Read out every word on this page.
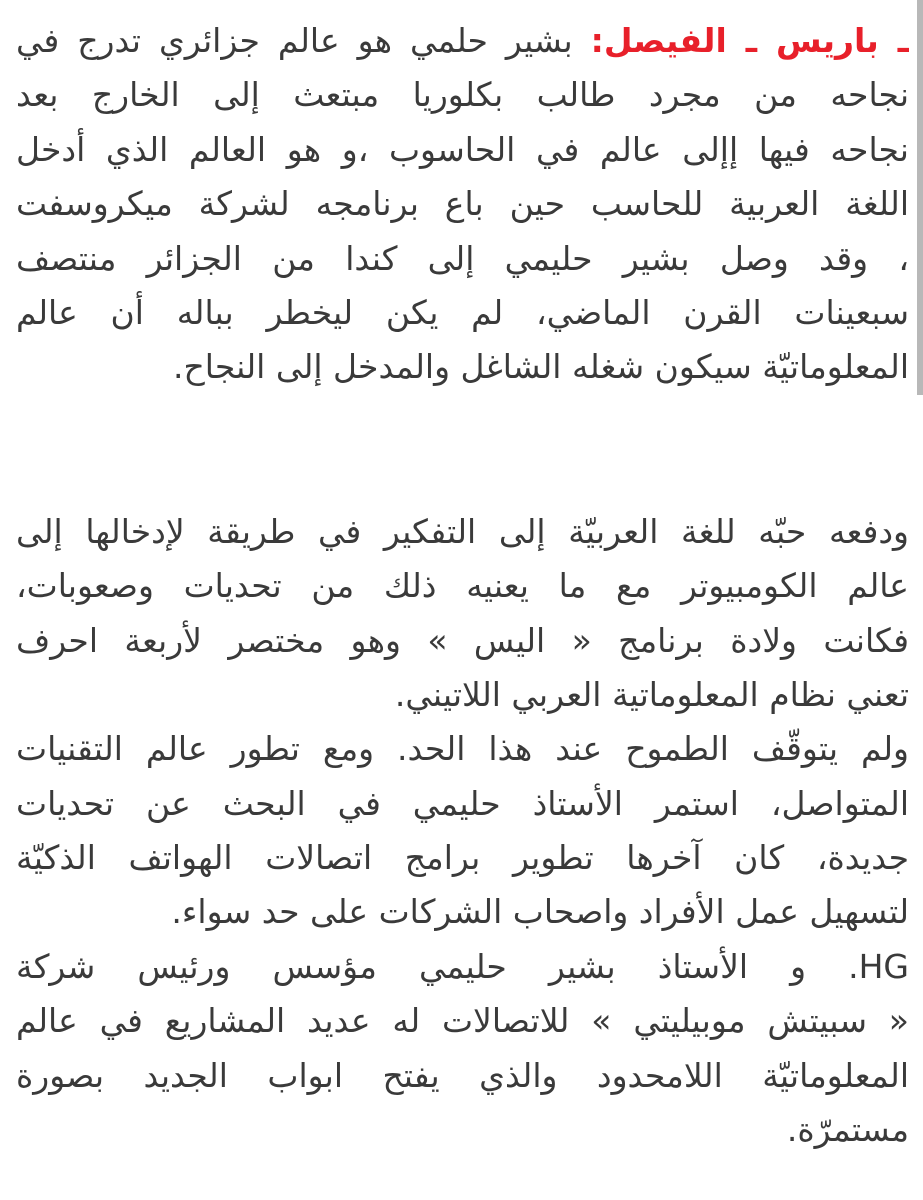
ـ باريس ـ الفيصل: بشير حلمي هو عالم جزائري تدرج في
نجاحه من مجرد طالب بكلوريا مبتعث إلى الخارج بعد
نجاحه فيها إإلى عالم في الحاسوب ،و هو العالم الذي أدخل
اللغة العربية للحاسب حين باع برنامجه لشركة ميكروسفت
، وقد وصل بشير حليمي إلى كندا من الجزائر منتصف
سبعينات القرن الماضي، لم يكن ليخطر بباله أن عالم
المعلوماتيّة سيكون شغله الشاغل والمدخل إلى النجاح.
ودفعه حبّه للغة العربيّة إلى التفكير في طريقة لإدخالها إلى
عالم الكومبيوتر مع ما يعنيه ذلك من تحديات وصعوبات،
فكانت ولادة برنامج « اليس » وهو مختصر لأربعة احرف
تعني نظام المعلوماتية العربي اللاتيني.
ولم يتوقّف الطموح عند هذا الحد. ومع تطور عالم التقنيات
المتواصل، استمر الأستاذ حليمي في البحث عن تحديات
جديدة، كان آخرها تطوير برامج اتصالات الهواتف الذكيّة
لتسهيل عمل الأفراد واصحاب الشركات على حد سواء.
HG. و الأستاذ بشير حليمي مؤسس ورئيس شركة
« سبيتش موبيليتي » للاتصالات له عديد المشاريع في عالم
المعلوماتيّة اللامحدود والذي يفتح ابواب الجديد بصورة
مستمرّة.
